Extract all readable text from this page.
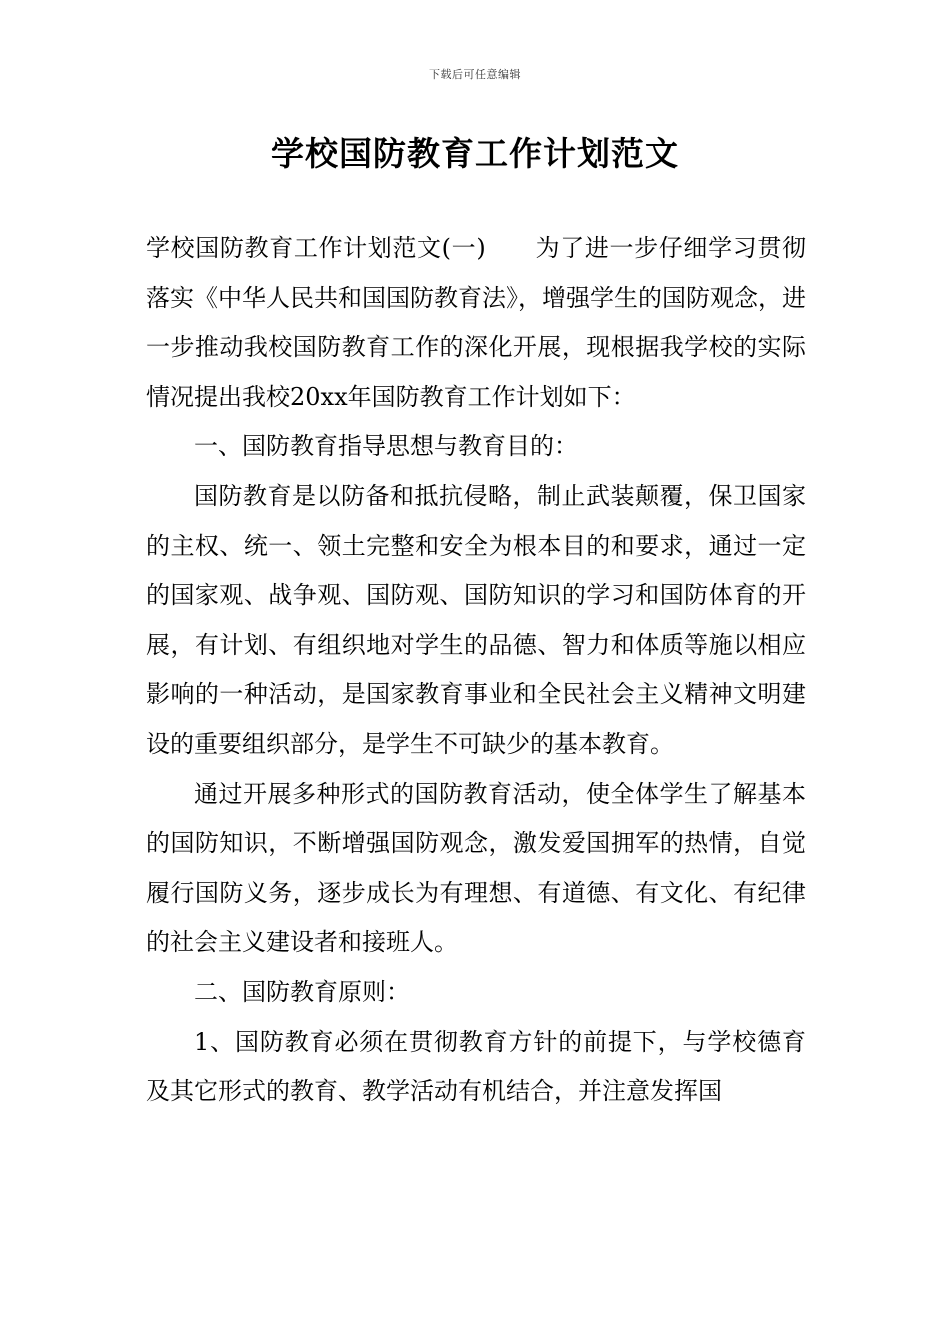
下载后可任意编辑
学校国防教育工作计划范文

学校国防教育工作计划范文(一)　　为了进一步仔细学习贯彻落实《中华人民共和国国防教育法》，增强学生的国防观念，进一步推动我校国防教育工作的深化开展，现根据我学校的实际情况提出我校20xx年国防教育工作计划如下：

一、国防教育指导思想与教育目的：

国防教育是以防备和抵抗侵略，制止武装颠覆，保卫国家的主权、统一、领土完整和安全为根本目的和要求，通过一定的国家观、战争观、国防观、国防知识的学习和国防体育的开展，有计划、有组织地对学生的品德、智力和体质等施以相应影响的一种活动，是国家教育事业和全民社会主义精神文明建设的重要组织部分，是学生不可缺少的基本教育。

通过开展多种形式的国防教育活动，使全体学生了解基本的国防知识，不断增强国防观念，激发爱国拥军的热情，自觉履行国防义务，逐步成长为有理想、有道德、有文化、有纪律的社会主义建设者和接班人。

二、国防教育原则：

1、国防教育必须在贯彻教育方针的前提下，与学校德育及其它形式的教育、教学活动有机结合，并注意发挥国
